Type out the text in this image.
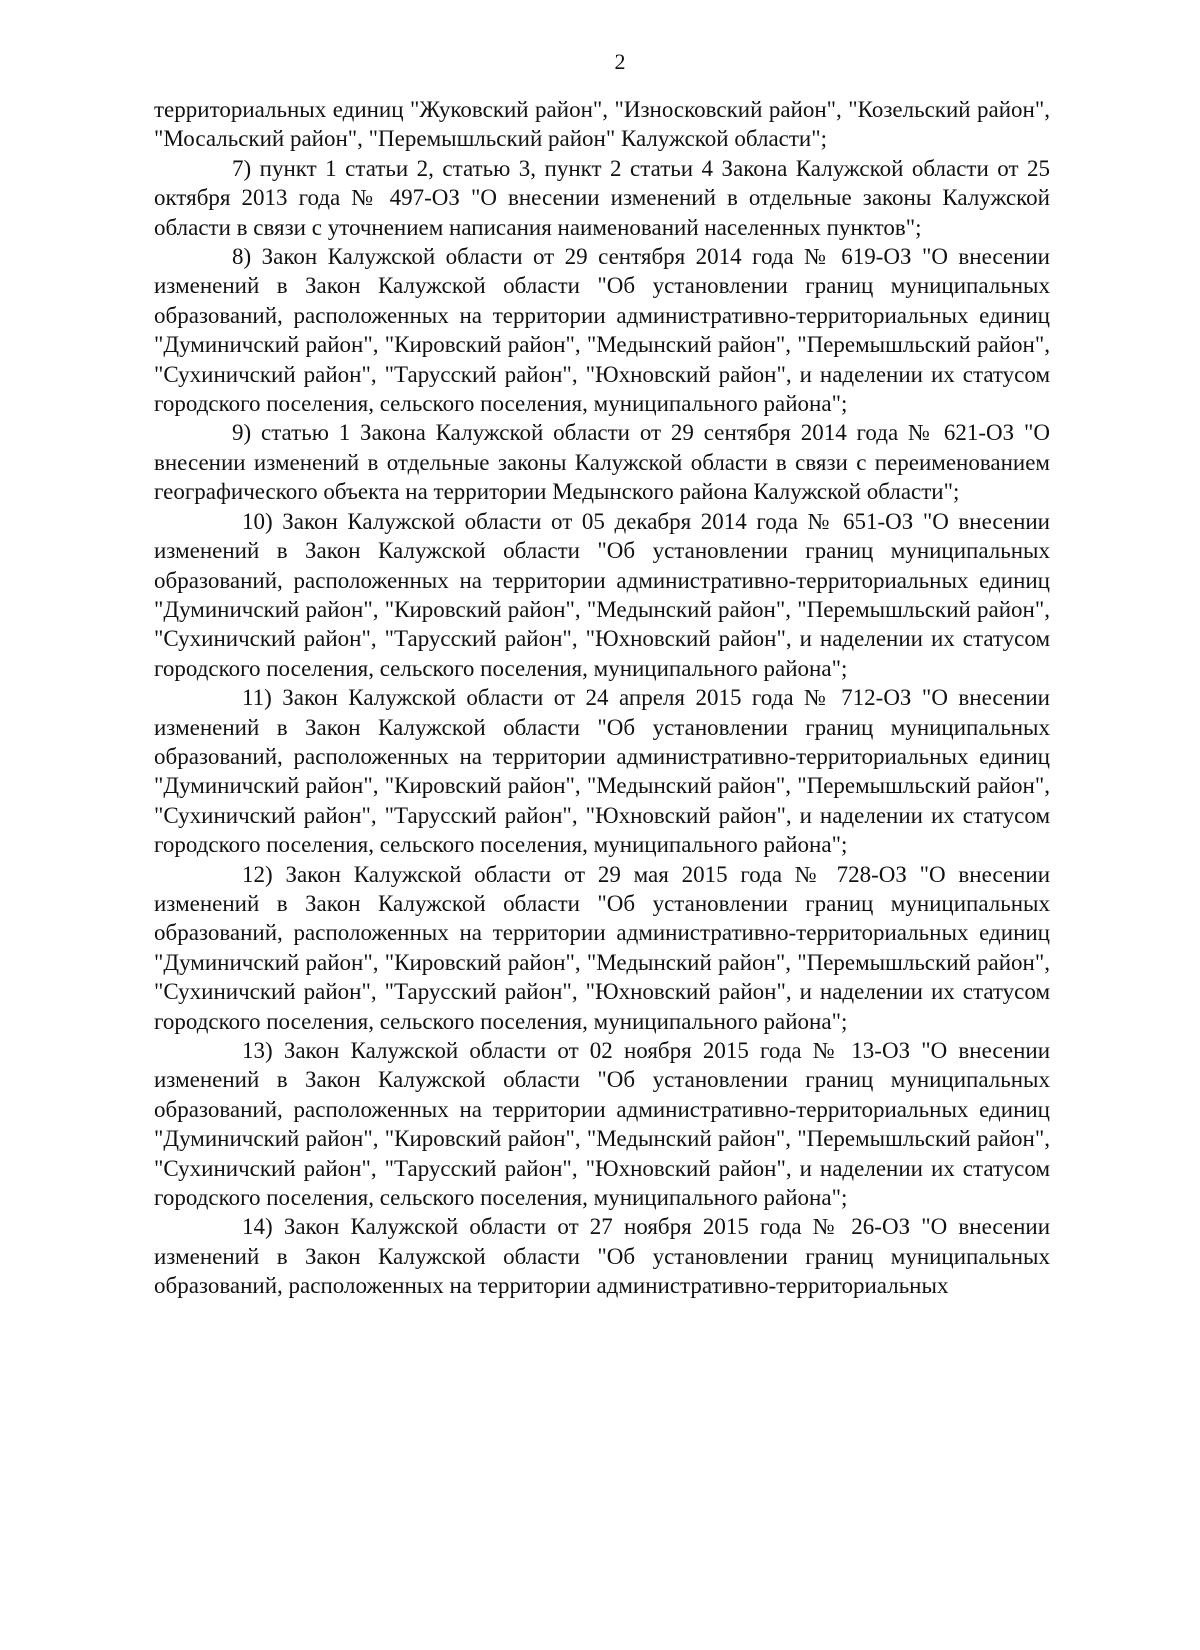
2

территориальных единиц "Жуковский район", "Износковский район", "Козельский район", "Мосальский район", "Перемышльский район" Калужской области";

7) пункт 1 статьи 2, статью 3, пункт 2 статьи 4 Закона Калужской области от 25 октября 2013 года № 497-ОЗ "О внесении изменений в отдельные законы Калужской области в связи с уточнением написания наименований населенных пунктов";

8) Закон Калужской области от 29 сентября 2014 года № 619-ОЗ "О внесении изменений в Закон Калужской области "Об установлении границ муниципальных образований, расположенных на территории административно-территориальных единиц "Думиничский район", "Кировский район", "Медынский район", "Перемышльский район", "Сухиничский район", "Тарусский район", "Юхновский район", и наделении их статусом городского поселения, сельского поселения, муниципального района";

9) статью 1 Закона Калужской области от 29 сентября 2014 года № 621-ОЗ "О внесении изменений в отдельные законы Калужской области в связи с переименованием географического объекта на территории Медынского района Калужской области";

10) Закон Калужской области от 05 декабря 2014 года № 651-ОЗ "О внесении изменений в Закон Калужской области "Об установлении границ муниципальных образований, расположенных на территории административно-территориальных единиц "Думиничский район", "Кировский район", "Медынский район", "Перемышльский район", "Сухиничский район", "Тарусский район", "Юхновский район", и наделении их статусом городского поселения, сельского поселения, муниципального района";

11) Закон Калужской области от 24 апреля 2015 года № 712-ОЗ "О внесении изменений в Закон Калужской области "Об установлении границ муниципальных образований, расположенных на территории административно-территориальных единиц "Думиничский район", "Кировский район", "Медынский район", "Перемышльский район", "Сухиничский район", "Тарусский район", "Юхновский район", и наделении их статусом городского поселения, сельского поселения, муниципального района";

12) Закон Калужской области от 29 мая 2015 года № 728-ОЗ "О внесении изменений в Закон Калужской области "Об установлении границ муниципальных образований, расположенных на территории административно-территориальных единиц "Думиничский район", "Кировский район", "Медынский район", "Перемышльский район", "Сухиничский район", "Тарусский район", "Юхновский район", и наделении их статусом городского поселения, сельского поселения, муниципального района";

13) Закон Калужской области от 02 ноября 2015 года № 13-ОЗ "О внесении изменений в Закон Калужской области "Об установлении границ муниципальных образований, расположенных на территории административно-территориальных единиц "Думиничский район", "Кировский район", "Медынский район", "Перемышльский район", "Сухиничский район", "Тарусский район", "Юхновский район", и наделении их статусом городского поселения, сельского поселения, муниципального района";

14) Закон Калужской области от 27 ноября 2015 года № 26-ОЗ "О внесении изменений в Закон Калужской области "Об установлении границ муниципальных образований, расположенных на территории административно-территориальных
